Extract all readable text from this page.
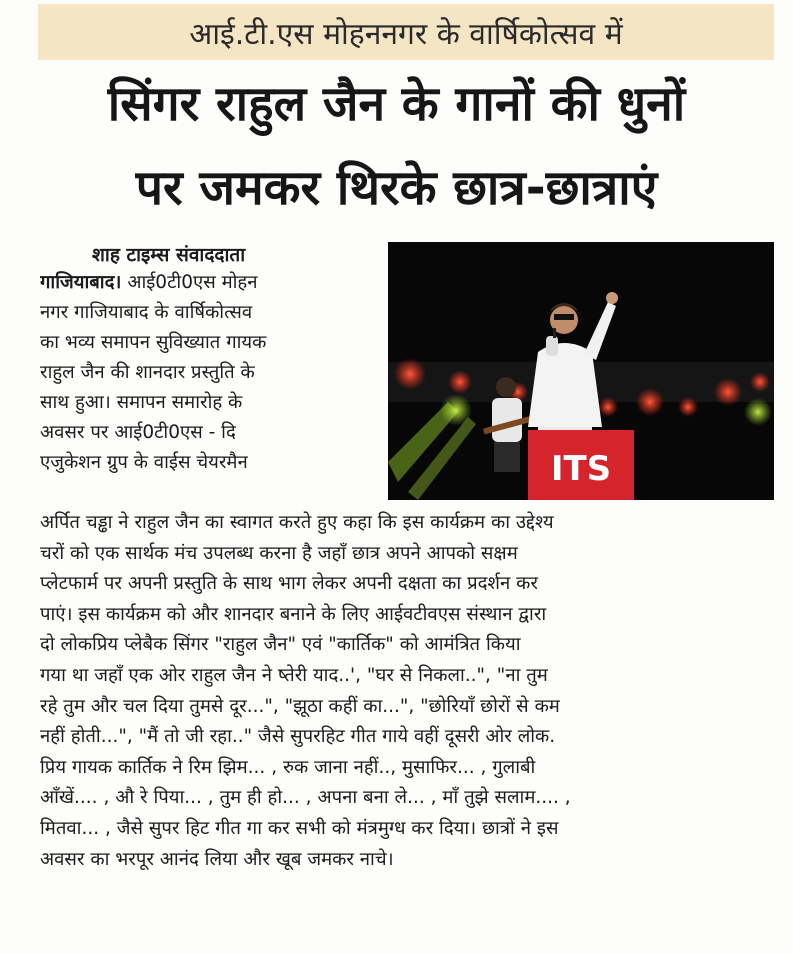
आई.टी.एस मोहननगर के वार्षिकोत्सव में
सिंगर राहुल जैन के गानों की धुनों
पर जमकर थिरके छात्र-छात्राएं
ITS
शाह टाइम्स संवाददाता
गाजियाबाद। आई0टी0एस मोहन
नगर गाजियाबाद के वार्षिकोत्सव
का भव्य समापन सुविख्यात गायक
राहुल जैन की शानदार प्रस्तुति के
साथ हुआ। समापन समारोह के
अवसर पर आई0टी0एस - दि
एजुकेशन ग्रुप के वाईस चेयरमैन
अर्पित चड्ढा ने राहुल जैन का स्वागत करते हुए कहा कि इस कार्यक्रम का उद्देश्य
चरों को एक सार्थक मंच उपलब्ध करना है जहाँ छात्र अपने आपको सक्षम
प्लेटफार्म पर अपनी प्रस्तुति के साथ भाग लेकर अपनी दक्षता का प्रदर्शन कर
पाएं। इस कार्यक्रम को और शानदार बनाने के लिए आईवटीवएस संस्थान द्वारा
दो लोकप्रिय प्लेबैक सिंगर "राहुल जैन" एवं "कार्तिक" को आमंत्रित किया
गया था जहाँ एक ओर राहुल जैन ने ष्तेरी याद..', "घर से निकला..", "ना तुम
रहे तुम और चल दिया तुमसे दूर...", "झूठा कहीं का...", "छोरियाँ छोरों से कम
नहीं होती...", "मैं तो जी रहा.." जैसे सुपरहिट गीत गाये वहीं दूसरी ओर लोक.
प्रिय गायक कार्तिक ने रिम झिम... , रुक जाना नहीं.., मुसाफिर... , गुलाबी
आँखें.... , औ रे पिया... , तुम ही हो... , अपना बना ले... , माँ तुझे सलाम.... ,
मितवा... , जैसे सुपर हिट गीत गा कर सभी को मंत्रमुग्ध कर दिया। छात्रों ने इस
अवसर का भरपूर आनंद लिया और खूब जमकर नाचे।
